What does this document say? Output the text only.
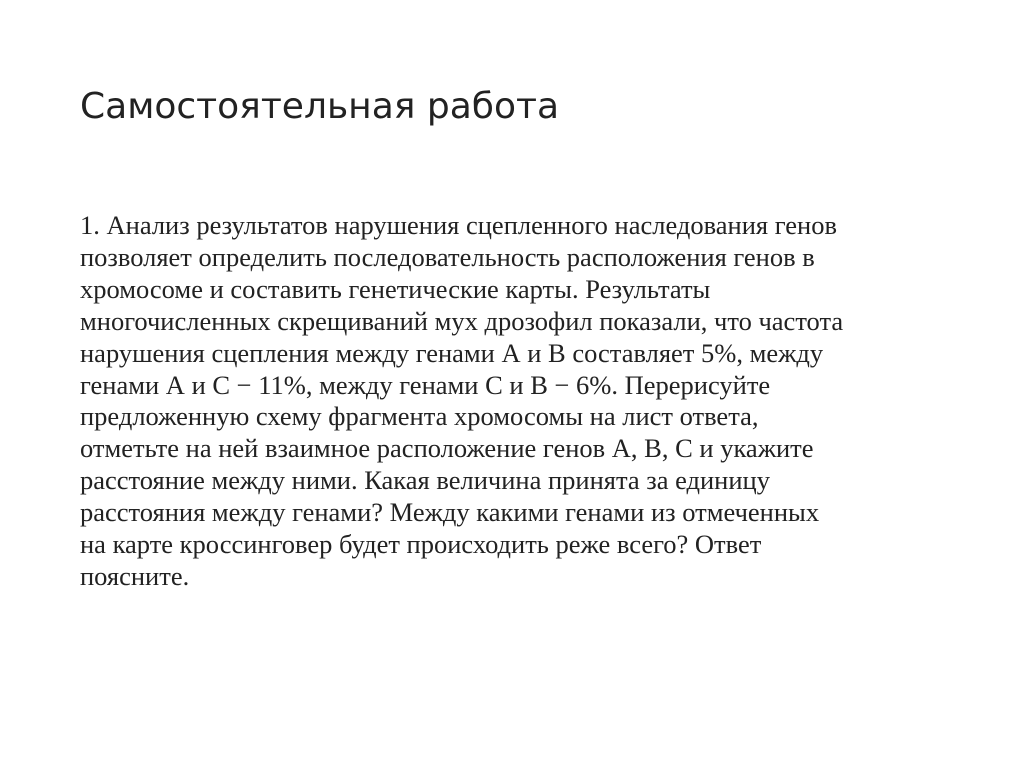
Самостоятельная работа
1. Анализ результатов нарушения сцепленного наследования генов
позволяет определить последовательность расположения генов в
хромосоме и составить генетические карты. Результаты
многочисленных скрещиваний мух дрозофил показали, что частота
нарушения сцепления между генами А и В составляет 5%, между
генами А и С − 11%, между генами С и В − 6%. Перерисуйте
предложенную схему фрагмента хромосомы на лист ответа,
отметьте на ней взаимное расположение генов А, В, С и укажите
расстояние между ними. Какая величина принята за единицу
расстояния между генами? Между какими генами из отмеченных
на карте кроссинговер будет происходить реже всего? Ответ
поясните.
